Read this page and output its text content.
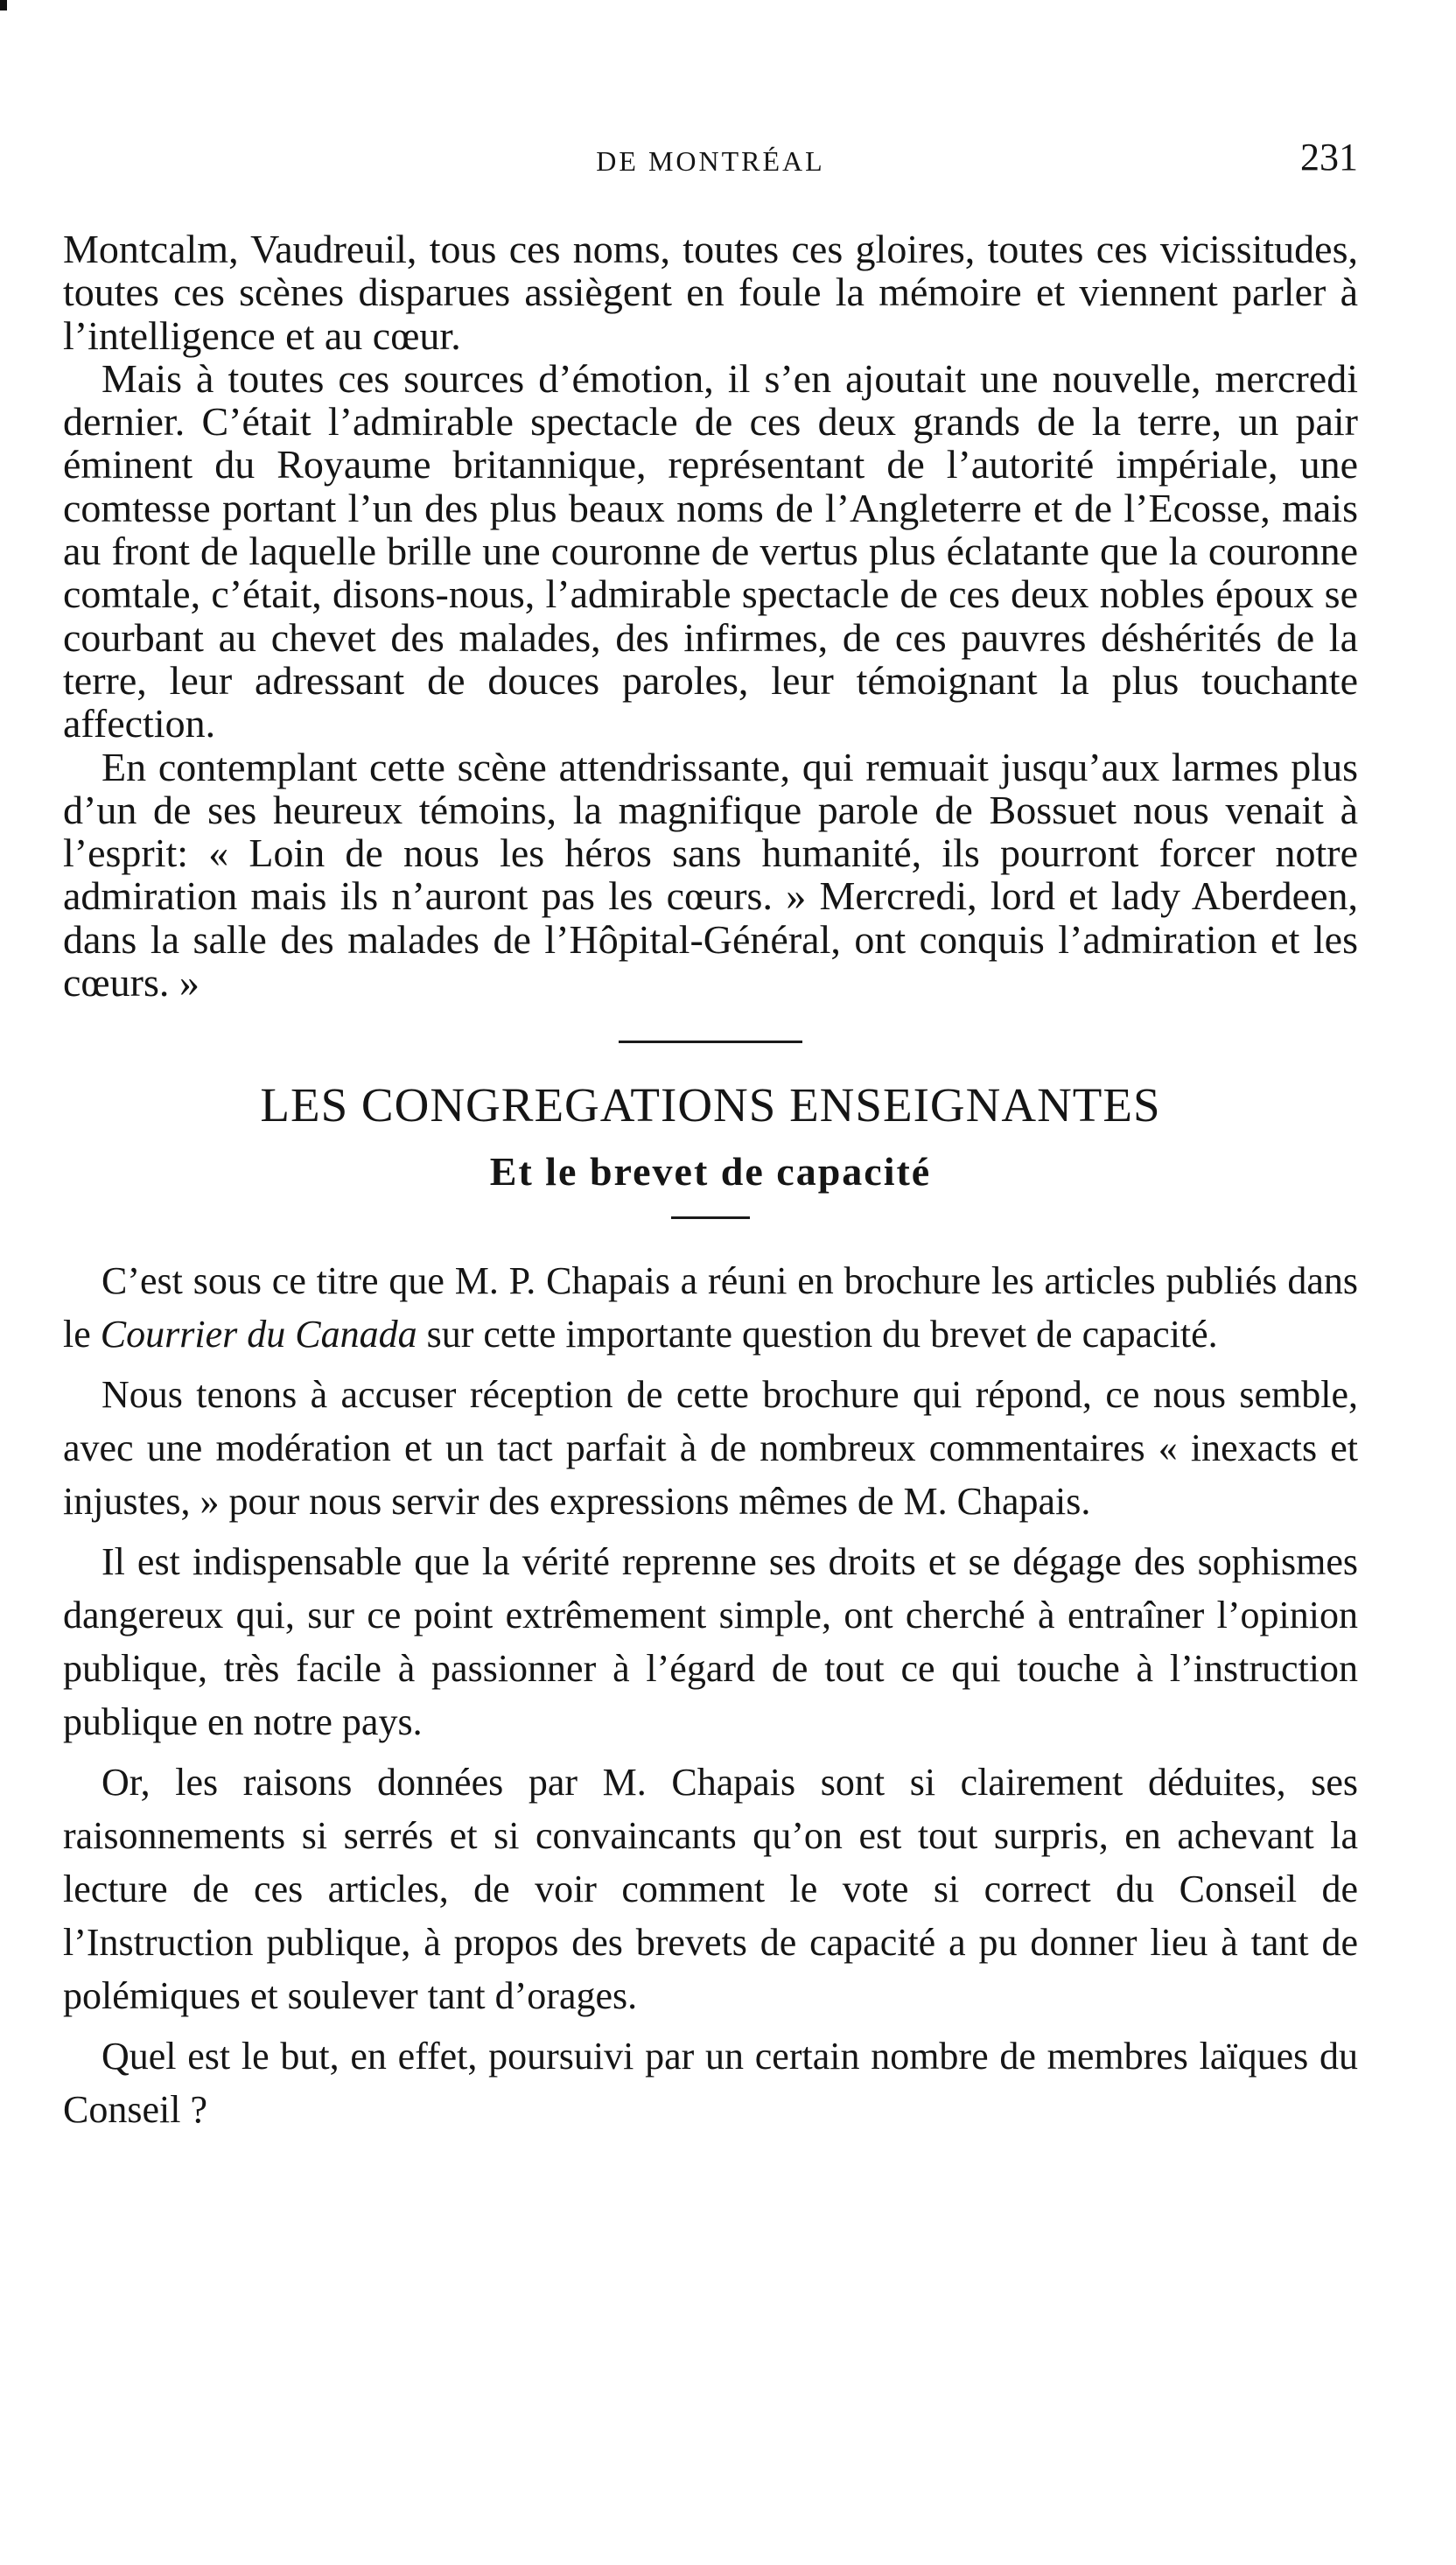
DE MONTRÉAL	231

Montcalm, Vaudreuil, tous ces noms, toutes ces gloires, toutes ces vicissitudes, toutes ces scènes disparues assiègent en foule la mémoire et viennent parler à l’intelligence et au cœur.

Mais à toutes ces sources d’émotion, il s’en ajoutait une nouvelle, mercredi dernier. C’était l’admirable spectacle de ces deux grands de la terre, un pair éminent du Royaume britannique, représentant de l’autorité impériale, une comtesse portant l’un des plus beaux noms de l’Angleterre et de l’Ecosse, mais au front de laquelle brille une couronne de vertus plus éclatante que la couronne comtale, c’était, disons-nous, l’admirable spectacle de ces deux nobles époux se courbant au chevet des malades, des infirmes, de ces pauvres déshérités de la terre, leur adressant de douces paroles, leur témoignant la plus touchante affection.

En contemplant cette scène attendrissante, qui remuait jusqu’aux larmes plus d’un de ses heureux témoins, la magnifique parole de Bossuet nous venait à l’esprit: « Loin de nous les héros sans humanité, ils pourront forcer notre admiration mais ils n’auront pas les cœurs. » Mercredi, lord et lady Aberdeen, dans la salle des malades de l’Hôpital-Général, ont conquis l’admiration et les cœurs. »

LES CONGREGATIONS ENSEIGNANTES
Et le brevet de capacité

C’est sous ce titre que M. P. Chapais a réuni en brochure les articles publiés dans le Courrier du Canada sur cette importante question du brevet de capacité.

Nous tenons à accuser réception de cette brochure qui répond, ce nous semble, avec une modération et un tact parfait à de nombreux commentaires « inexacts et injustes, » pour nous servir des expressions mêmes de M. Chapais.

Il est indispensable que la vérité reprenne ses droits et se dégage des sophismes dangereux qui, sur ce point extrêmement simple, ont cherché à entraîner l’opinion publique, très facile à passionner à l’égard de tout ce qui touche à l’instruction publique en notre pays.

Or, les raisons données par M. Chapais sont si clairement déduites, ses raisonnements si serrés et si convaincants qu’on est tout surpris, en achevant la lecture de ces articles, de voir comment le vote si correct du Conseil de l’Instruction publique, à propos des brevets de capacité a pu donner lieu à tant de polémiques et soulever tant d’orages.

Quel est le but, en effet, poursuivi par un certain nombre de membres laïques du Conseil ?
